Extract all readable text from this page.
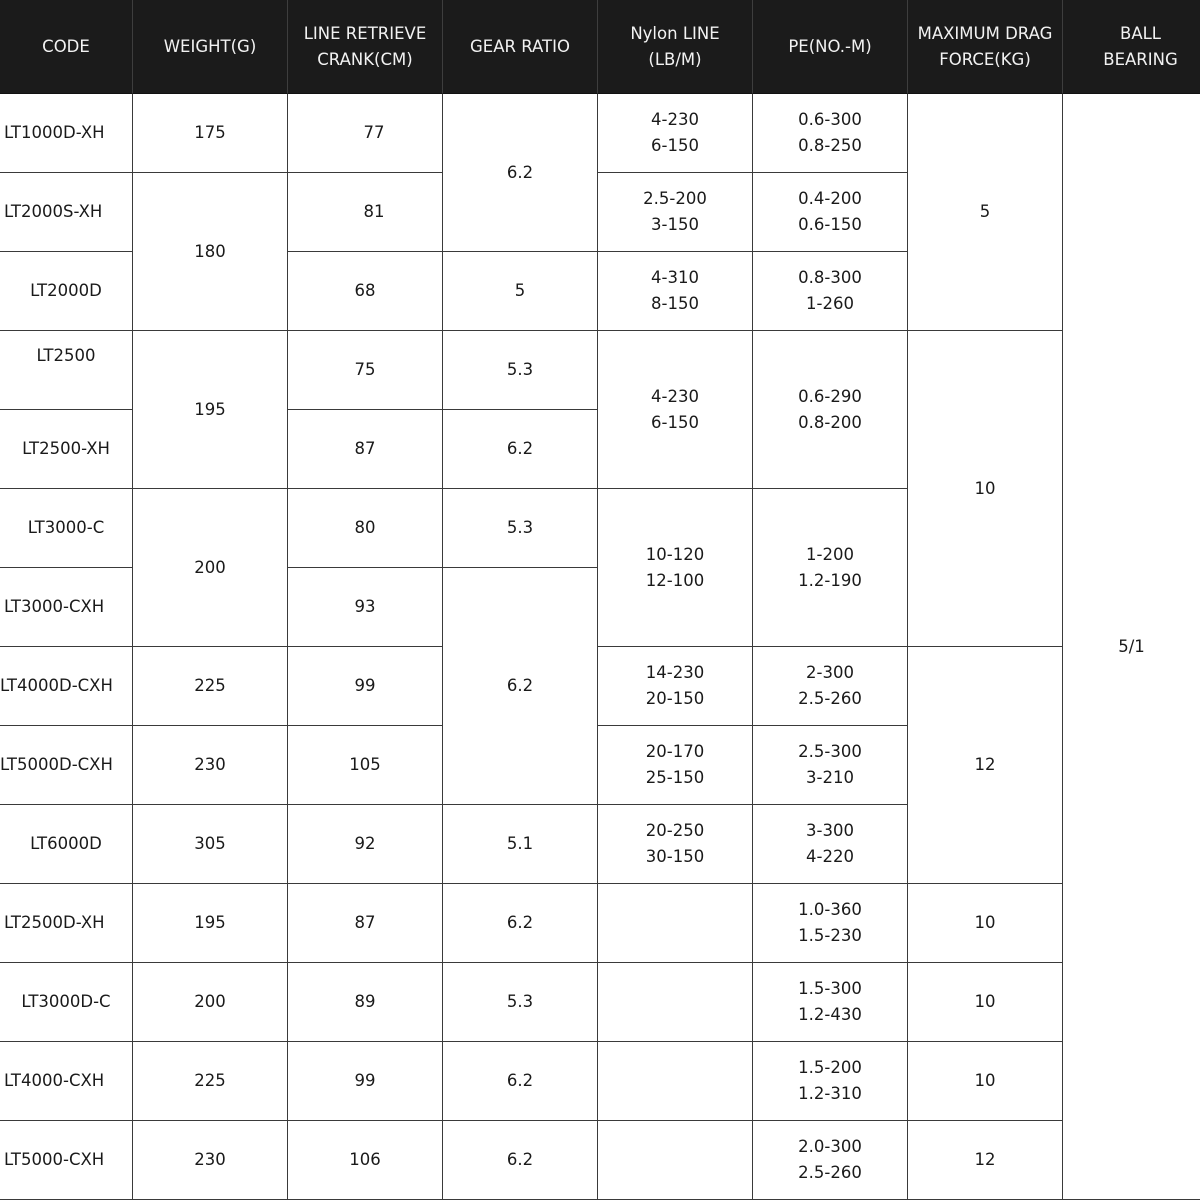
CODE	WEIGHT(G)
LINE RETRIEVE
CRANK(CM)
GEAR RATIO
Nylon LINE
(LB/M)
PE(NO.-M)
MAXIMUM DRAG
FORCE(KG)
BALL BEARING
LT1000D-XH
LT2000S-XH
LT2000D
LT2500
LT2500-XH
LT3000-C
LT3000-CXH
LT4000D-CXH
LT5000D-CXH
LT6000D
LT2500D-XH
LT3000D-C
LT4000-CXH
LT5000-CXH
175
180
195
200
225
230
305
195
200
225
230
77
81
68
75
87
80
93
99
105
92
87
89
99
106
6.2
5
5.3
6.2
5.3
6.2
5.1
6.2
5.3
6.2
6.2
4-230
6-150
2.5-200
3-150
4-310
8-150
4-230
6-150
10-120
12-100
14-230
20-150
20-170
25-150
20-250
30-150
0.6-300
0.8-250
0.4-200
0.6-150
0.8-300
1-260
0.6-290
0.8-200
1-200
1.2-190
2-300
2.5-260
2.5-300
3-210
3-300
4-220
1.0-360
1.5-230
1.5-300
1.2-430
1.5-200
1.2-310
2.0-300
2.5-260
5
10
12
10
10
10
12
5/1
